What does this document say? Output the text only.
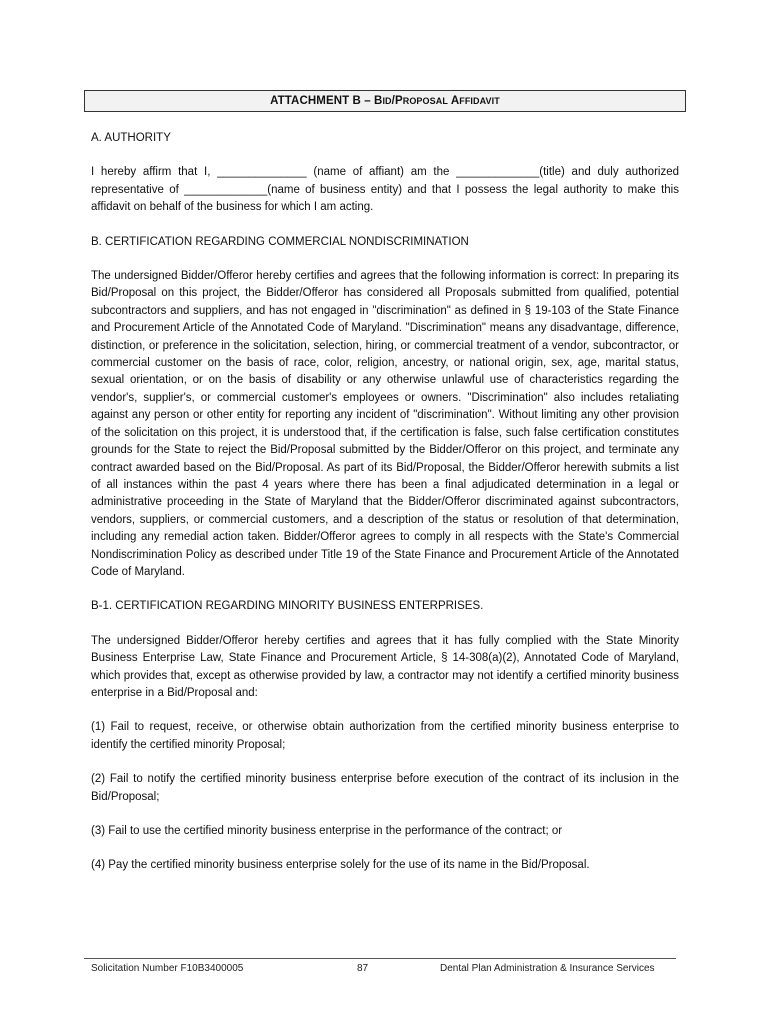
ATTACHMENT B – BID/PROPOSAL AFFIDAVIT

A. AUTHORITY

I hereby affirm that I, ______________ (name of affiant) am the _____________(title) and duly authorized representative of _____________(name of business entity) and that I possess the legal authority to make this affidavit on behalf of the business for which I am acting.

B. CERTIFICATION REGARDING COMMERCIAL NONDISCRIMINATION

The undersigned Bidder/Offeror hereby certifies and agrees that the following information is correct: In preparing its Bid/Proposal on this project, the Bidder/Offeror has considered all Proposals submitted from qualified, potential subcontractors and suppliers, and has not engaged in "discrimination" as defined in § 19-103 of the State Finance and Procurement Article of the Annotated Code of Maryland. "Discrimination" means any disadvantage, difference, distinction, or preference in the solicitation, selection, hiring, or commercial treatment of a vendor, subcontractor, or commercial customer on the basis of race, color, religion, ancestry, or national origin, sex, age, marital status, sexual orientation, or on the basis of disability or any otherwise unlawful use of characteristics regarding the vendor's, supplier's, or commercial customer's employees or owners. "Discrimination" also includes retaliating against any person or other entity for reporting any incident of "discrimination". Without limiting any other provision of the solicitation on this project, it is understood that, if the certification is false, such false certification constitutes grounds for the State to reject the Bid/Proposal submitted by the Bidder/Offeror on this project, and terminate any contract awarded based on the Bid/Proposal. As part of its Bid/Proposal, the Bidder/Offeror herewith submits a list of all instances within the past 4 years where there has been a final adjudicated determination in a legal or administrative proceeding in the State of Maryland that the Bidder/Offeror discriminated against subcontractors, vendors, suppliers, or commercial customers, and a description of the status or resolution of that determination, including any remedial action taken. Bidder/Offeror agrees to comply in all respects with the State's Commercial Nondiscrimination Policy as described under Title 19 of the State Finance and Procurement Article of the Annotated Code of Maryland.

B-1. CERTIFICATION REGARDING MINORITY BUSINESS ENTERPRISES.

The undersigned Bidder/Offeror hereby certifies and agrees that it has fully complied with the State Minority Business Enterprise Law, State Finance and Procurement Article, § 14-308(a)(2), Annotated Code of Maryland, which provides that, except as otherwise provided by law, a contractor may not identify a certified minority business enterprise in a Bid/Proposal and:

(1) Fail to request, receive, or otherwise obtain authorization from the certified minority business enterprise to identify the certified minority Proposal;

(2) Fail to notify the certified minority business enterprise before execution of the contract of its inclusion in the Bid/Proposal;

(3) Fail to use the certified minority business enterprise in the performance of the contract; or

(4) Pay the certified minority business enterprise solely for the use of its name in the Bid/Proposal.

Solicitation Number F10B3400005	87	Dental Plan Administration & Insurance Services
